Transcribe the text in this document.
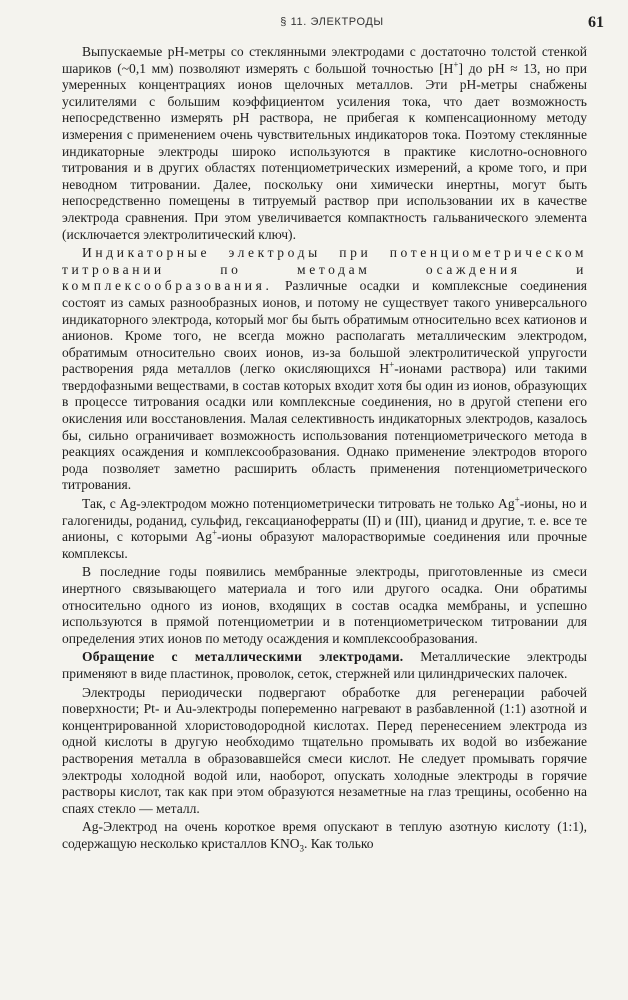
§ 11. ЭЛЕКТРОДЫ	61

Выпускаемые рН-метры со стеклянными электродами с достаточно толстой стенкой шариков (~0,1 мм) позволяют измерять с большой точностью [Н+] до рН ≈ 13, но при умеренных концентрациях ионов щелочных металлов. Эти рН-метры снабжены усилителями с большим коэффициентом усиления тока, что дает возможность непосредственно измерять рН раствора, не прибегая к компенсационному методу измерения с применением очень чувствительных индикаторов тока. Поэтому стеклянные индикаторные электроды широко используются в практике кислотно-основного титрования и в других областях потенциометрических измерений, а кроме того, и при неводном титровании. Далее, поскольку они химически инертны, могут быть непосредственно помещены в титруемый раствор при использовании их в качестве электрода сравнения. При этом увеличивается компактность гальванического элемента (исключается электролитический ключ).

Индикаторные электроды при потенциометрическом титровании по методам осаждения и комплексообразования. Различные осадки и комплексные соединения состоят из самых разнообразных ионов, и потому не существует такого универсального индикаторного электрода, который мог бы быть обратимым относительно всех катионов и анионов. Кроме того, не всегда можно располагать металлическим электродом, обратимым относительно своих ионов, из-за большой электролитической упругости растворения ряда металлов (легко окисляющихся Н+-ионами раствора) или такими твердофазными веществами, в состав которых входит хотя бы один из ионов, образующих в процессе титрования осадки или комплексные соединения, но в другой степени его окисления или восстановления. Малая селективность индикаторных электродов, казалось бы, сильно ограничивает возможность использования потенциометрического метода в реакциях осаждения и комплексообразования. Однако применение электродов второго рода позволяет заметно расширить область применения потенциометрического титрования.

Так, с Ag-электродом можно потенциометрически титровать не только Ag+-ионы, но и галогениды, роданид, сульфид, гексацианоферраты (II) и (III), цианид и другие, т. е. все те анионы, с которыми Ag+-ионы образуют малорастворимые соединения или прочные комплексы.

В последние годы появились мембранные электроды, приготовленные из смеси инертного связывающего материала и того или другого осадка. Они обратимы относительно одного из ионов, входящих в состав осадка мембраны, и успешно используются в прямой потенциометрии и в потенциометрическом титровании для определения этих ионов по методу осаждения и комплексообразования.

Обращение с металлическими электродами. Металлические электроды применяют в виде пластинок, проволок, сеток, стержней или цилиндрических палочек.

Электроды периодически подвергают обработке для регенерации рабочей поверхности; Pt- и Au-электроды попеременно нагревают в разбавленной (1:1) азотной и концентрированной хлористоводородной кислотах. Перед перенесением электрода из одной кислоты в другую необходимо тщательно промывать их водой во избежание растворения металла в образовавшейся смеси кислот. Не следует промывать горячие электроды холодной водой или, наоборот, опускать холодные электроды в горячие растворы кислот, так как при этом образуются незаметные на глаз трещины, особенно на спаях стекло — металл.

Ag-Электрод на очень короткое время опускают в теплую азотную кислоту (1:1), содержащую несколько кристаллов $KNO_3$. Как только
